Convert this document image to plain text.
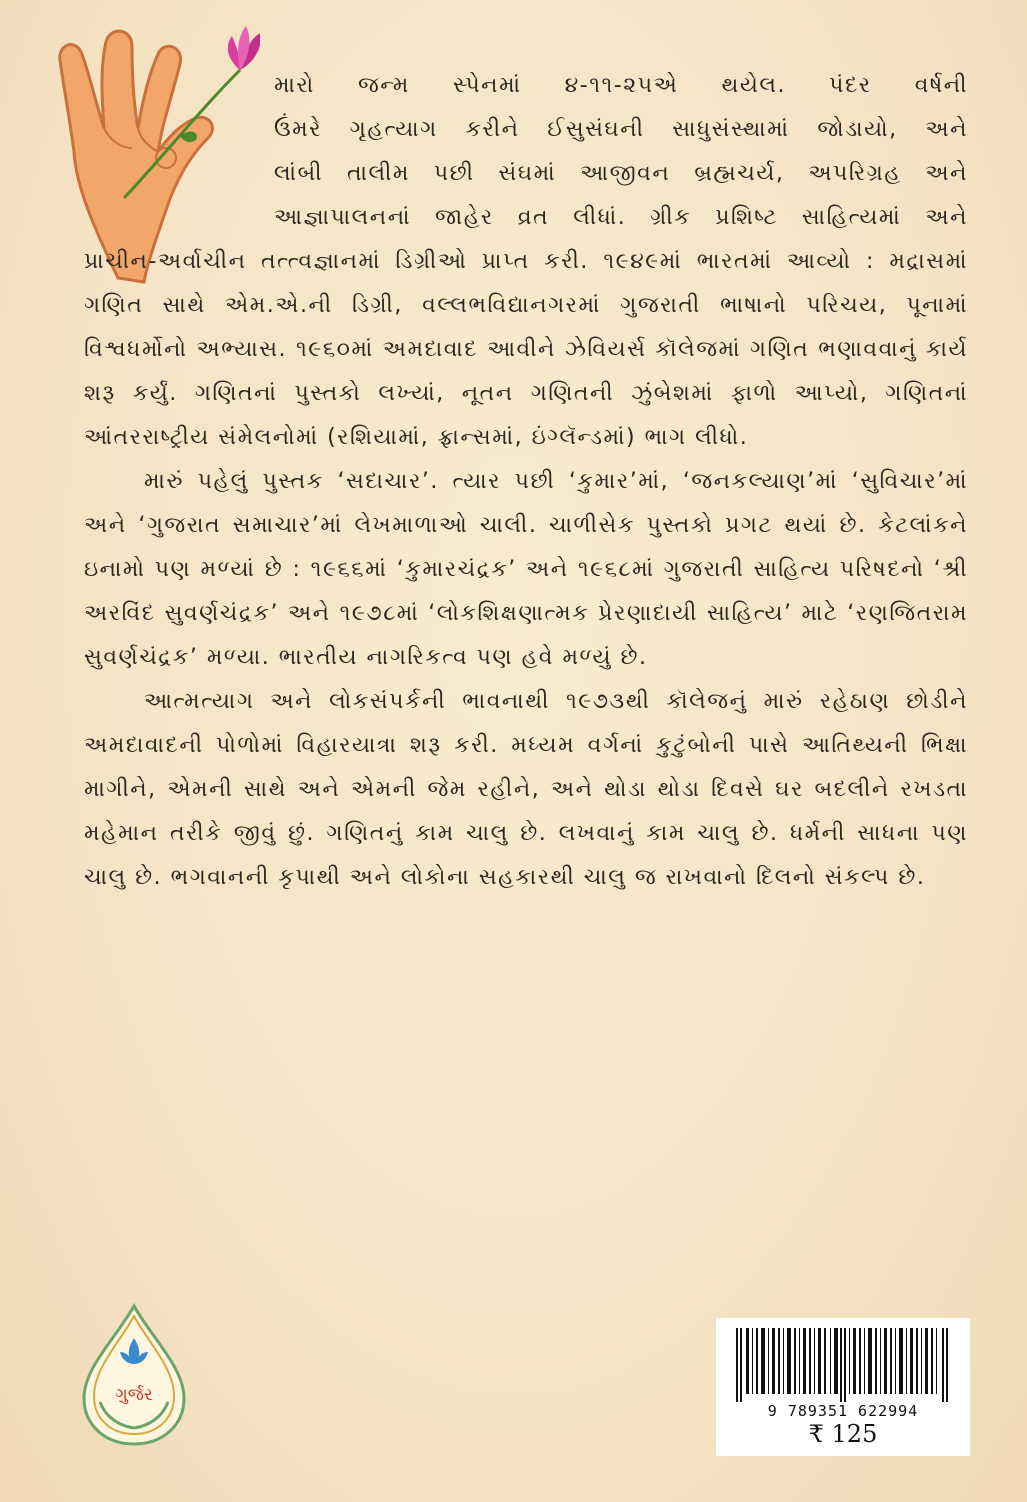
મારો જન્મ સ્પેનમાં ૪-૧૧-૨૫એ થયેલ. પંદર વર્ષની
ઉંમરે ગૃહત્યાગ કરીને ઈસુસંઘની સાધુસંસ્થામાં જોડાયો, અને
લાંબી તાલીમ પછી સંઘમાં આજીવન બ્રહ્મચર્ય, અપરિગ્રહ અને
આજ્ઞાપાલનનાં જાહેર વ્રત લીધાં. ગ્રીક પ્રશિષ્ટ સાહિત્યમાં અને

પ્રાચીન-અર્વાચીન તત્ત્વજ્ઞાનમાં ડિગ્રીઓ પ્રાપ્ત કરી. ૧૯૪૯માં ભારતમાં આવ્યો : મદ્રાસમાં ગણિત સાથે એમ.એ.ની ડિગ્રી, વલ્લભવિદ્યાનગરમાં ગુજરાતી ભાષાનો પરિચય, પૂનામાં વિશ્વધર્મોનો અભ્યાસ. ૧૯૬૦માં અમદાવાદ આવીને ઝેવિયર્સ કૉલેજમાં ગણિત ભણાવવાનું કાર્ય શરૂ કર્યું. ગણિતનાં પુસ્તકો લખ્યાં, નૂતન ગણિતની ઝુંબેશમાં ફાળો આપ્યો, ગણિતનાં આંતરરાષ્ટ્રીય સંમેલનોમાં (રશિયામાં, ફ્રાન્સમાં, ઇંગ્લૅન્ડમાં) ભાગ લીધો.

મારું પહેલું પુસ્તક ‘સદાચાર’. ત્યાર પછી ‘કુમાર’માં, ‘જનકલ્યાણ’માં ‘સુવિચાર’માં અને ‘ગુજરાત સમાચાર’માં લેખમાળાઓ ચાલી. ચાળીસેક પુસ્તકો પ્રગટ થયાં છે. કેટલાંકને ઇનામો પણ મળ્યાં છે : ૧૯૬૬માં ‘કુમારચંદ્રક’ અને ૧૯૬૮માં ગુજરાતી સાહિત્ય પરિષદનો ‘શ્રી અરવિંદ સુવર્ણચંદ્રક’ અને ૧૯૭૮માં ‘લોકશિક્ષણાત્મક પ્રેરણાદાયી સાહિત્ય’ માટે ‘રણજિતરામ સુવર્ણચંદ્રક’ મળ્યા. ભારતીય નાગરિકત્વ પણ હવે મળ્યું છે.

આત્મત્યાગ અને લોકસંપર્કની ભાવનાથી ૧૯૭૩થી કૉલેજનું મારું રહેઠાણ છોડીને અમદાવાદની પોળોમાં વિહારયાત્રા શરૂ કરી. મધ્યમ વર્ગનાં કુટુંબોની પાસે આતિથ્યની ભિક્ષા માગીને, એમની સાથે અને એમની જેમ રહીને, અને થોડા થોડા દિવસે ઘર બદલીને રખડતા મહેમાન તરીકે જીવું છું. ગણિતનું કામ ચાલુ છે. લખવાનું કામ ચાલુ છે. ધર્મની સાધના પણ ચાલુ છે. ભગવાનની કૃપાથી અને લોકોના સહકારથી ચાલુ જ રાખવાનો દિલનો સંકલ્પ છે.

ગુર્જર
9 789351 622994
₹ 125
